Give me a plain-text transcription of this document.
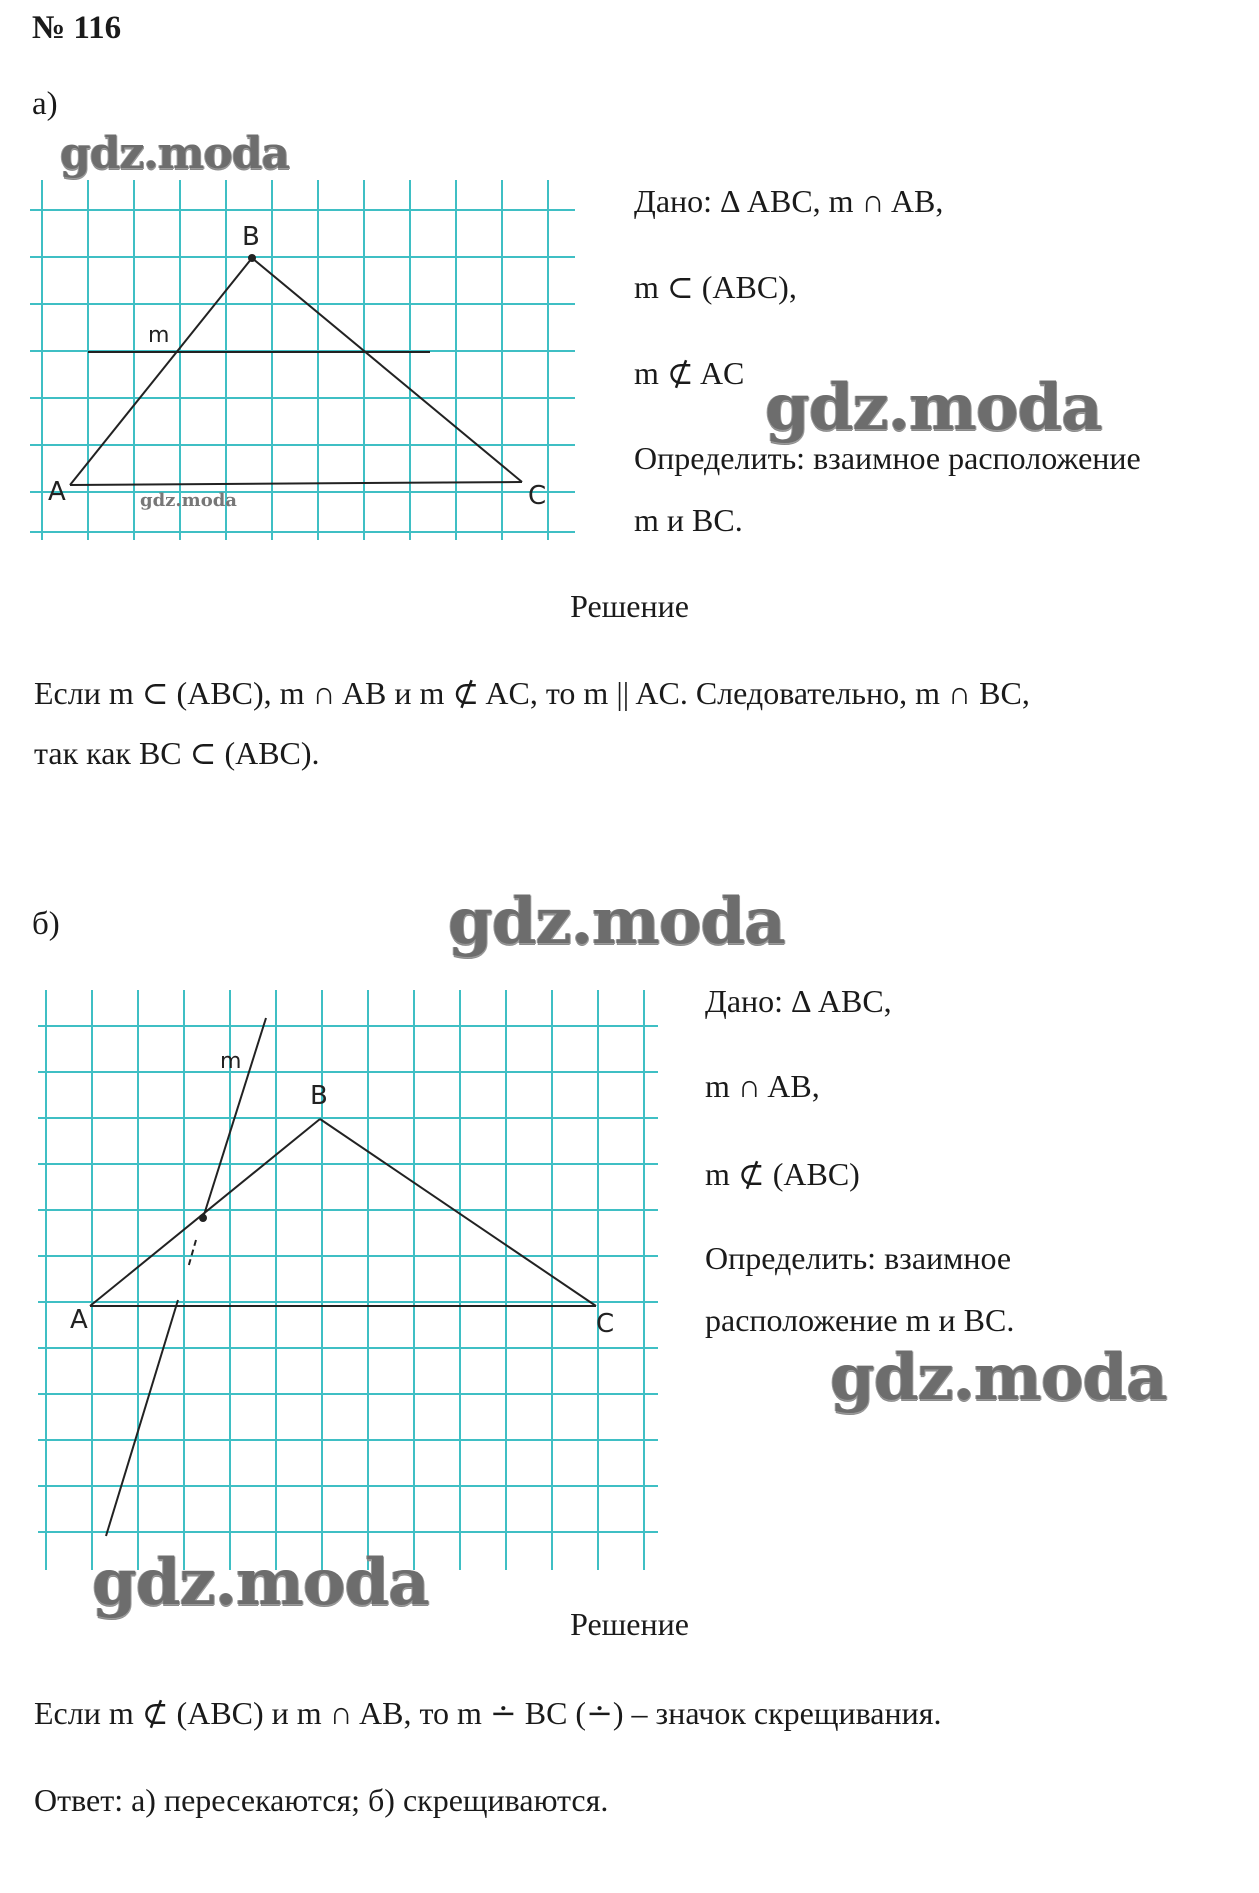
№ 116
а)
gdz.moda
A
B
C
m
gdz.moda
Дано: Δ ABC, m ∩ AB,
m ⊂ (ABC),
m ⊄ AC gdz.moda
Определить: взаимное расположение
m и BC.
Решение
Если m ⊂ (ABC), m ∩ AB и m ⊄ AC, то m || AC. Следовательно, m ∩ BC,
так как BC ⊂ (ABC).
б)	gdz.moda
A
B
C
m
Дано: Δ ABC,
m ∩ AB,
m ⊄ (ABC)
Определить: взаимное
расположение m и BC.
gdz.moda
gdz.moda
Решение
Если m ⊄ (ABC) и m ∩ AB, то m ∸ BC (∸) – значок скрещивания.
Ответ: а) пересекаются; б) скрещиваются.
